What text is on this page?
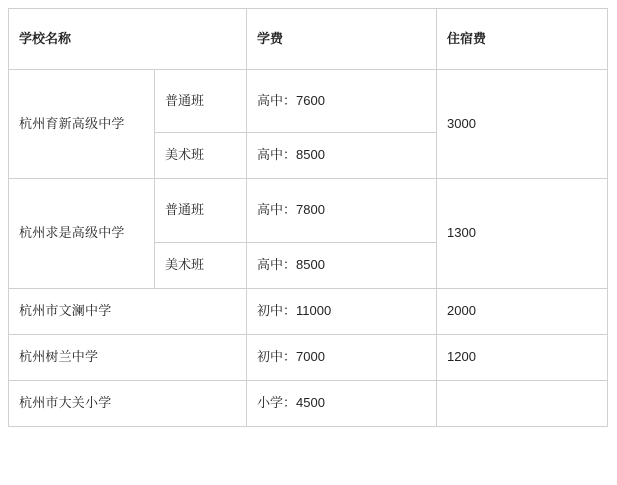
学校名称		学费	住宿费
杭州育新高级中学	普通班	高中：7600	3000
	美术班	高中：8500	
杭州求是高级中学	普通班	高中：7800	1300
	美术班	高中：8500	
杭州市文澜中学		初中：11000	2000
杭州树兰中学		初中：7000	1200
杭州市大关小学		小学：4500	
